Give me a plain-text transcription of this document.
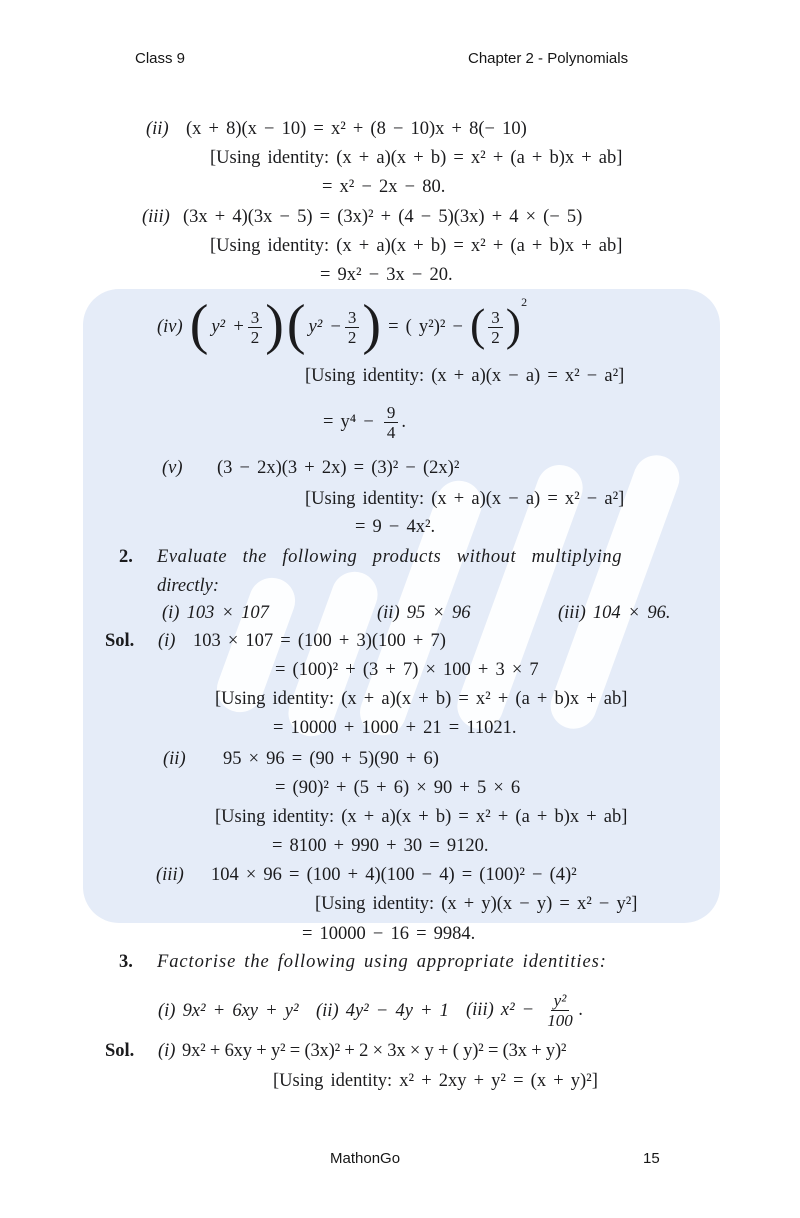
Class 9	Chapter 2 - Polynomials
(ii) (x + 8)(x − 10) = x² + (8 − 10)x + 8(− 10)
[Using identity: (x + a)(x + b) = x² + (a + b)x + ab]
= x² − 2x − 80.
(iii) (3x + 4)(3x − 5) = (3x)² + (4 − 5)(3x) + 4 × (− 5)
[Using identity: (x + a)(x + b) = x² + (a + b)x + ab]
= 9x² − 3x − 20.
(iv) ( $y^2 + \frac{3}{2}$ ) ( $y^2 - \frac{3}{2}$ ) = ( y²)² − ( $\frac{3}{2}$ ) 2
[Using identity: (x + a)(x − a) = x² − a²]
= $y^4 - \frac{9}{4}$ .
(v) (3 − 2x)(3 + 2x) = (3)² − (2x)²
[Using identity: (x + a)(x − a) = x² − a²]
= 9 − 4x².
2. Evaluate the following products without multiplying
directly:
(i) 103 × 107	(ii) 95 × 96	(iii) 104 × 96.
Sol. (i) 103 × 107 = (100 + 3)(100 + 7)
= (100)² + (3 + 7) × 100 + 3 × 7
[Using identity: (x + a)(x + b) = x² + (a + b)x + ab]
= 10000 + 1000 + 21 = 11021.
(ii) 95 × 96 = (90 + 5)(90 + 6)
= (90)² + (5 + 6) × 90 + 5 × 6
[Using identity: (x + a)(x + b) = x² + (a + b)x + ab]
= 8100 + 990 + 30 = 9120.
(iii) 104 × 96 = (100 + 4)(100 − 4) = (100)² − (4)²
[Using identity: (x + y)(x − y) = x² − y²]
= 10000 − 16 = 9984.
3. Factorise the following using appropriate identities:
(i) 9x² + 6xy + y² (ii) 4y² − 4y + 1 (iii) $x^2 - \frac{\text{y²}}{100}$ .
Sol. (i) 9x² + 6xy + y² = (3x)² + 2 × 3x × y + ( y)² = (3x + y)²
[Using identity: x² + 2xy + y² = (x + y)²]
MathonGo	15
